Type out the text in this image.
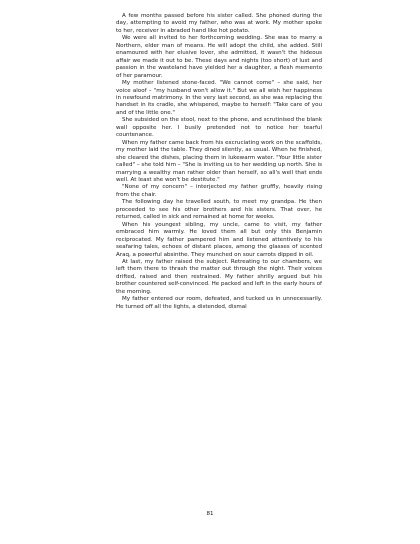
A few months passed before his sister called. She phoned during the day, attempting to avoid my father, who was at work. My mother spoke to her, receiver in abraded hand like hot potato.

We were all invited to her forthcoming wedding. She was to marry a Northern, elder man of means. He will adopt the child, she added. Still enamoured with her elusive lover, she admitted, it wasn't the hideous affair we made it out to be. These days and nights (too short) of lust and passion in the wasteland have yielded her a daughter, a flesh memento of her paramour.

My mother listened stone-faced. "We cannot come" – she said, her voice aloof – "my husband won't allow it." But we all wish her happiness in newfound matrimony. In the very last second, as she was replacing the handset in its cradle, she whispered, maybe to herself: "Take care of you and of the little one."

She subsided on the stool, next to the phone, and scrutinised the blank wall opposite her. I busily pretended not to notice her tearful countenance.

When my father came back from his excruciating work on the scaffolds, my mother laid the table. They dined silently, as usual. When he finished, she cleared the dishes, placing them in lukewarm water. "Your little sister called" – she told him – "She is inviting us to her wedding up north. She is marrying a wealthy man rather older than herself, so all's well that ends well. At least she won't be destitute."

"None of my concern" – interjected my father gruffly, heavily rising from the chair.

The following day he travelled south, to meet my grandpa. He then proceeded to see his other brothers and his sisters. That over, he returned, called in sick and remained at home for weeks.

When his youngest sibling, my uncle, came to visit, my father embraced him warmly. He loved them all but only this Benjamin reciprocated. My father pampered him and listened attentively to his seafaring tales, echoes of distant places, among the glasses of scented Araq, a powerful absinthe. They munched on sour carrots dipped in oil.

At last, my father raised the subject. Retreating to our chambers, we left them there to thrash the matter out through the night. Their voices drifted, raised and then restrained. My father shrilly argued but his brother countered self-convinced. He packed and left in the early hours of the morning.

My father entered our room, defeated, and tucked us in unnecessarily. He turned off all the lights, a distended, dismal

81
